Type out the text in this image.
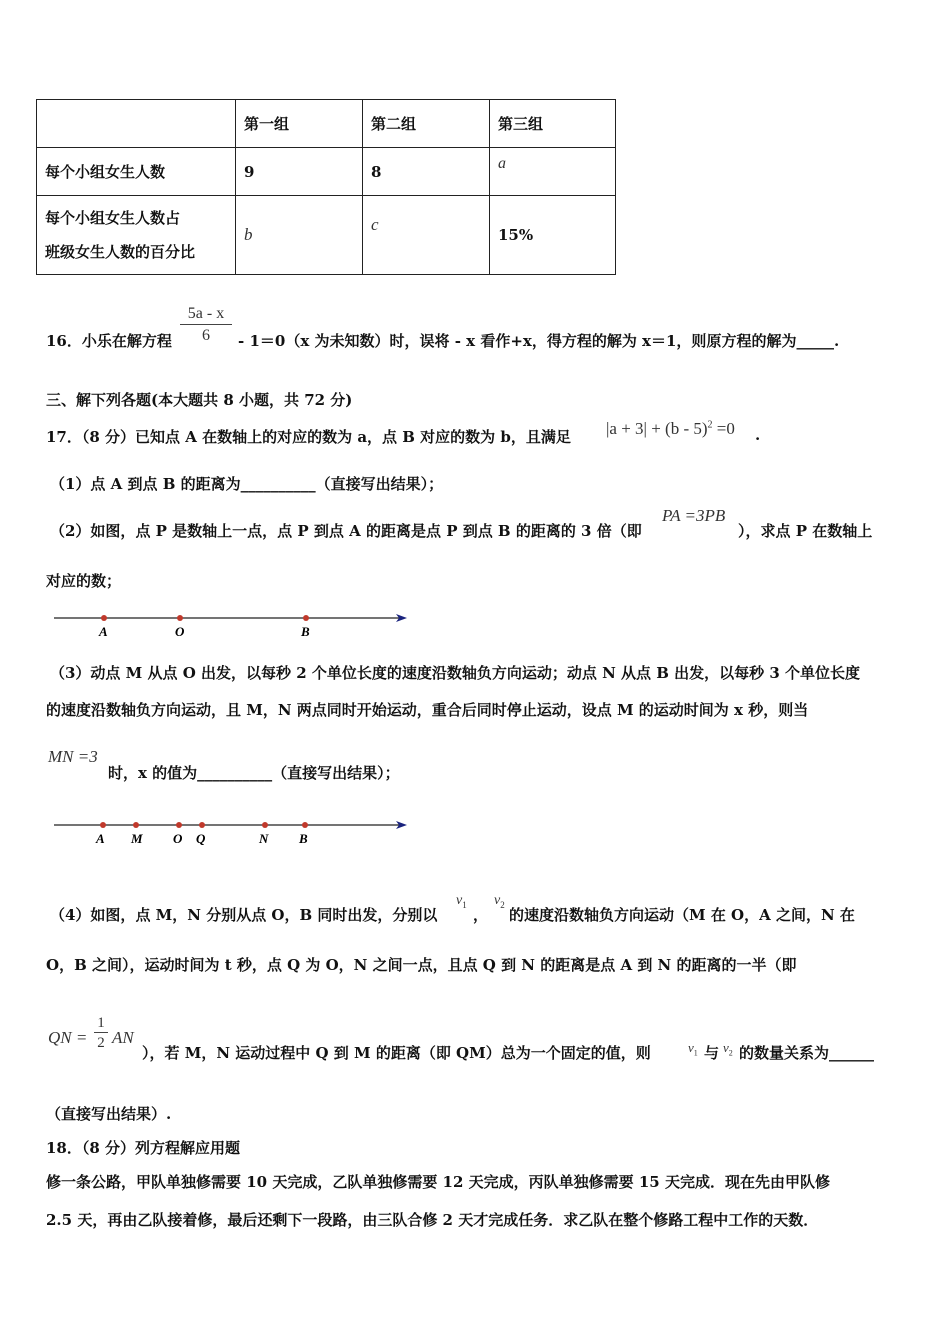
	第一组	第二组	第三组
每个小组女生人数	9	8	a

每个小组女生人数占
班级女生人数的百分比	b	c	15%
16．小乐在解方程 $\frac{5a - x}{6} - 1=0(x$ 为未知数）时，误将 - x 看作+x，得方程的解为 x＝1，则原方程的解为_____.
三、解下列各题(本大题共 8 小题，共 72 分)
17．（8 分）已知点 A 在数轴上的对应的数为 a，点 B 对应的数为 b，且满足 |a + 3| + (b - 5)$^2$ =0 .
（1）点 A 到点 B 的距离为__________（直接写出结果）；
（2）如图，点 P 是数轴上一点，点 P 到点 A 的距离是点 P 到点 B 的距离的 3 倍（即
PA =3PB
），求点 P 在数轴上
对应的数；
A	O	B
（3）动点 M 从点 O 出发，以每秒 2 个单位长度的速度沿数轴负方向运动；动点 N 从点 B 出发，以每秒 3 个单位长度
的速度沿数轴负方向运动，且 M，N 两点同时开始运动，重合后同时停止运动，设点 M 的运动时间为 x 秒，则当
MN =3
时，x 的值为__________（直接写出结果）；
A M O Q	N B
（4）如图，点 M，N 分别从点 O，B 同时出发，分别以
$v_1$
，
$v_2$
的速度沿数轴负方向运动（M 在 O，A 之间，N 在
O，B 之间），运动时间为 t 秒，点 Q 为 O，N 之间一点，且点 Q 到 N 的距离是点 A 到 N 的距离的一半（即
QN = $\frac{1}{2}$ AN
），若 M，N 运动过程中 Q 到 M 的距离（即 QM）总为一个固定的值，则	$v_1$ 与 $v_2$ 的数量关系为______
（直接写出结果）.
18．（8 分）列方程解应用题
修一条公路，甲队单独修需要 10 天完成，乙队单独修需要 12 天完成，丙队单独修需要 15 天完成．现在先由甲队修
2.5 天，再由乙队接着修，最后还剩下一段路，由三队合修 2 天才完成任务．求乙队在整个修路工程中工作的天数．
